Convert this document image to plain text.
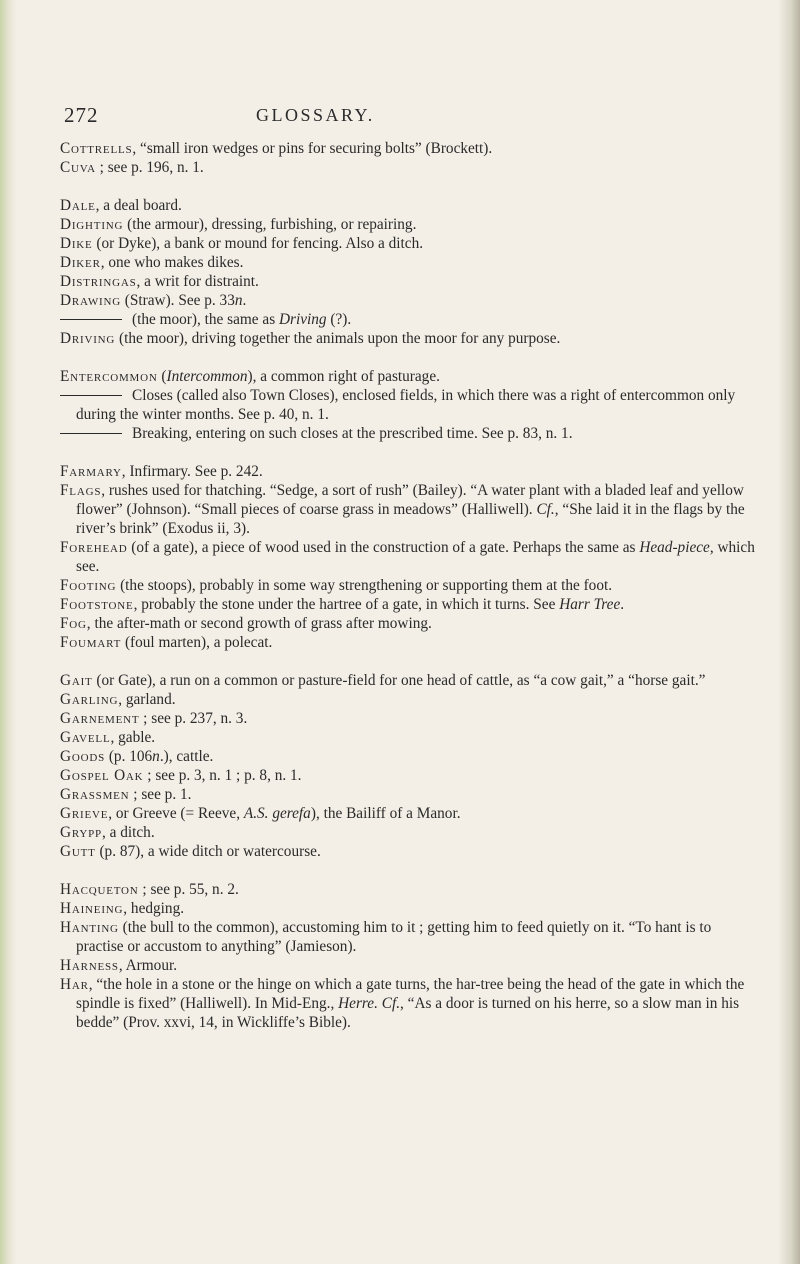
272	GLOSSARY.
Cottrells, “small iron wedges or pins for securing bolts” (Brockett).
Cuva ; see p. 196, n. 1.
Dale, a deal board.
Dighting (the armour), dressing, furbishing, or repairing.
Dike (or Dyke), a bank or mound for fencing. Also a ditch.
Diker, one who makes dikes.
Distringas, a writ for distraint.
Drawing (Straw). See p. 33n.
(the moor), the same as Driving (?).
Driving (the moor), driving together the animals upon the moor for any purpose.
Entercommon (Intercommon), a common right of pasturage.
Closes (called also Town Closes), enclosed fields, in which there was a right of entercommon only during the winter months. See p. 40, n. 1.
Breaking, entering on such closes at the prescribed time. See p. 83, n. 1.
Farmary, Infirmary. See p. 242.
Flags, rushes used for thatching. “Sedge, a sort of rush” (Bailey). “A water plant with a bladed leaf and yellow flower” (Johnson). “Small pieces of coarse grass in meadows” (Halliwell). Cf., “She laid it in the flags by the river’s brink” (Exodus ii, 3).
Forehead (of a gate), a piece of wood used in the construction of a gate. Perhaps the same as Head-piece, which see.
Footing (the stoops), probably in some way strengthening or supporting them at the foot.
Footstone, probably the stone under the hartree of a gate, in which it turns. See Harr Tree.
Fog, the after-math or second growth of grass after mowing.
Foumart (foul marten), a polecat.
Gait (or Gate), a run on a common or pasture-field for one head of cattle, as “a cow gait,” a “horse gait.”
Garling, garland.
Garnement ; see p. 237, n. 3.
Gavell, gable.
Goods (p. 106n.), cattle.
Gospel Oak ; see p. 3, n. 1 ; p. 8, n. 1.
Grassmen ; see p. 1.
Grieve, or Greeve (= Reeve, A.S. gerefa), the Bailiff of a Manor.
Grypp, a ditch.
Gutt (p. 87), a wide ditch or watercourse.
Hacqueton ; see p. 55, n. 2.
Haineing, hedging.
Hanting (the bull to the common), accustoming him to it ; getting him to feed quietly on it. “To hant is to practise or accustom to anything” (Jamieson).
Harness, Armour.
Har, “the hole in a stone or the hinge on which a gate turns, the har-tree being the head of the gate in which the spindle is fixed” (Halliwell). In Mid-Eng., Herre. Cf., “As a door is turned on his herre, so a slow man in his bedde” (Prov. xxvi, 14, in Wickliffe’s Bible).
